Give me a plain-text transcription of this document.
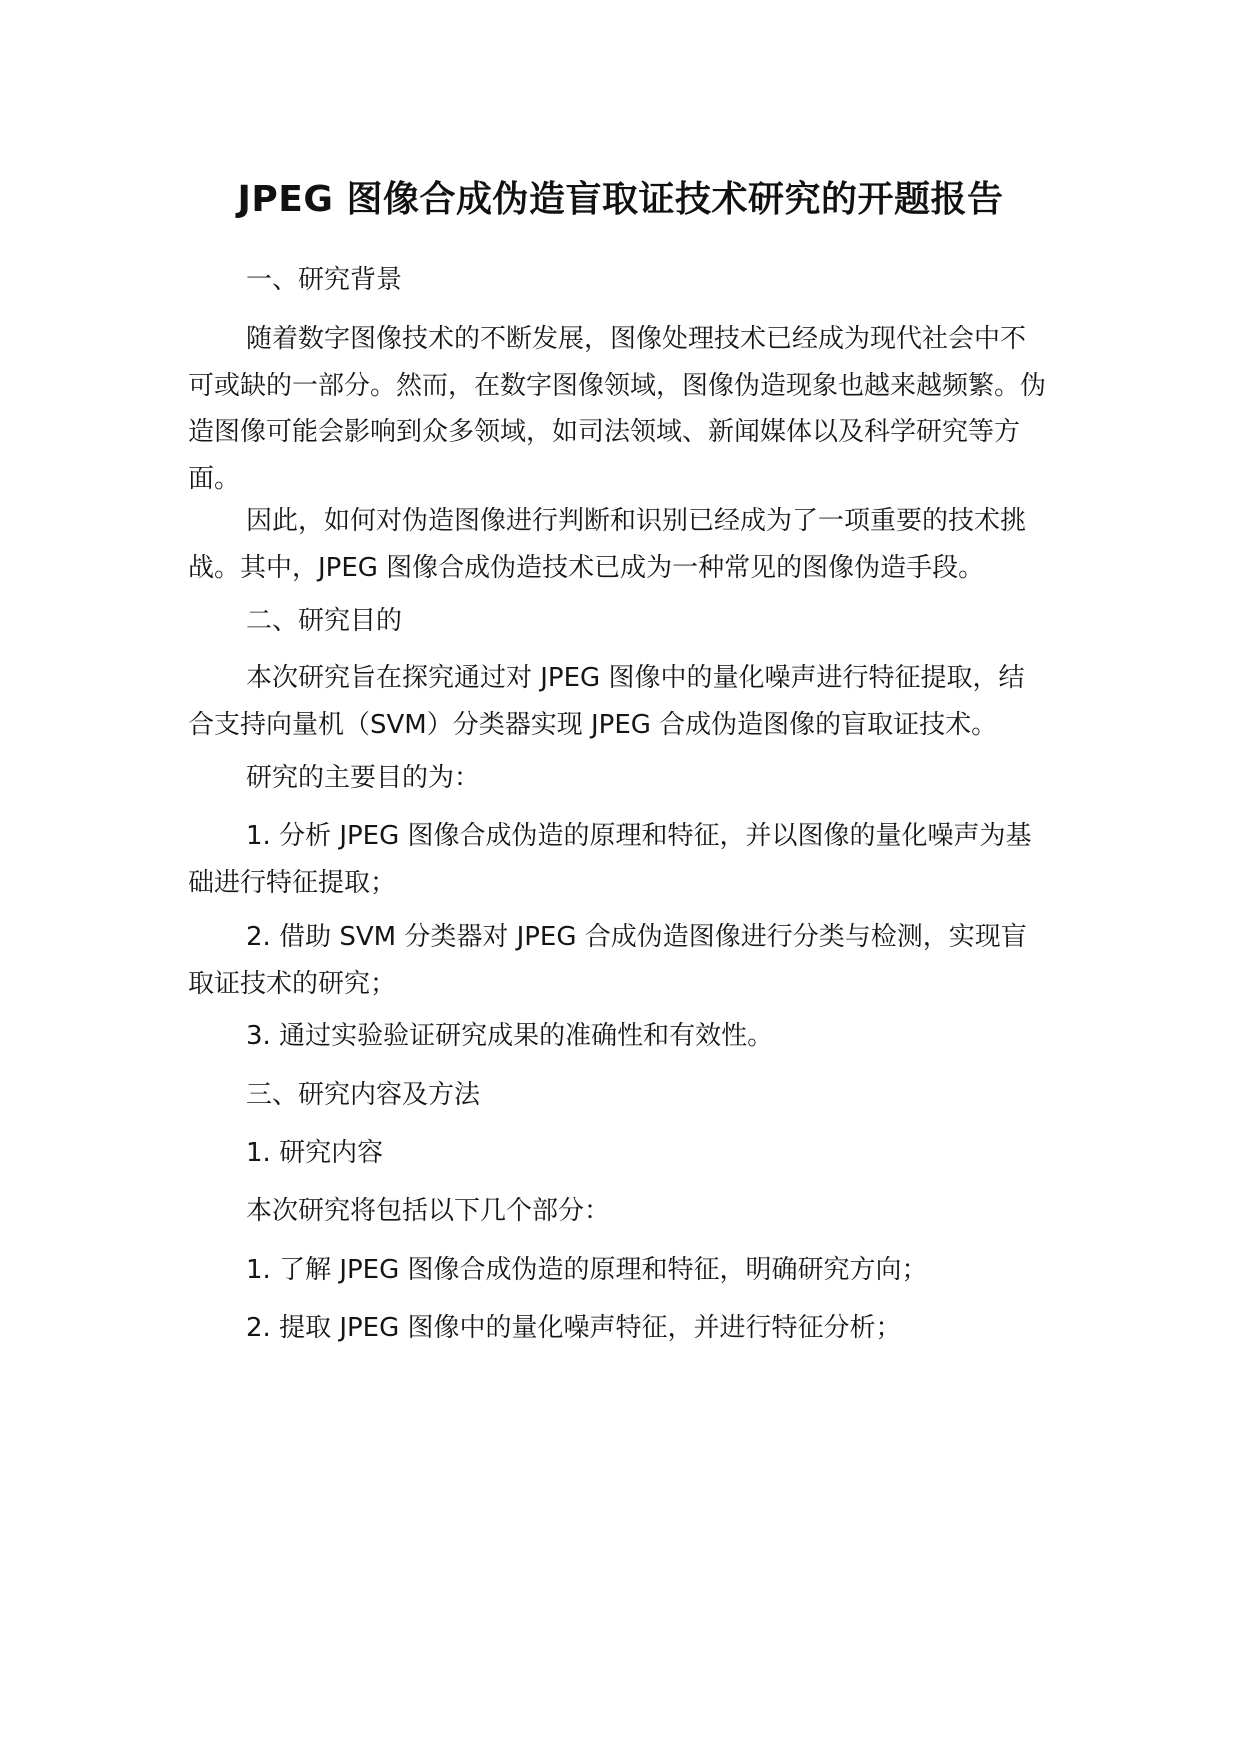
JPEG 图像合成伪造盲取证技术研究的开题报告

一、研究背景

随着数字图像技术的不断发展，图像处理技术已经成为现代社会中不可或缺的一部分。然而，在数字图像领域，图像伪造现象也越来越频繁。伪造图像可能会影响到众多领域，如司法领域、新闻媒体以及科学研究等方面。

因此，如何对伪造图像进行判断和识别已经成为了一项重要的技术挑战。其中，JPEG 图像合成伪造技术已成为一种常见的图像伪造手段。

二、研究目的

本次研究旨在探究通过对 JPEG 图像中的量化噪声进行特征提取，结合支持向量机（SVM）分类器实现 JPEG 合成伪造图像的盲取证技术。

研究的主要目的为：

1. 分析 JPEG 图像合成伪造的原理和特征，并以图像的量化噪声为基础进行特征提取；

2. 借助 SVM 分类器对 JPEG 合成伪造图像进行分类与检测，实现盲取证技术的研究；

3. 通过实验验证研究成果的准确性和有效性。

三、研究内容及方法

1. 研究内容

本次研究将包括以下几个部分：

1. 了解 JPEG 图像合成伪造的原理和特征，明确研究方向；

2. 提取 JPEG 图像中的量化噪声特征，并进行特征分析；
